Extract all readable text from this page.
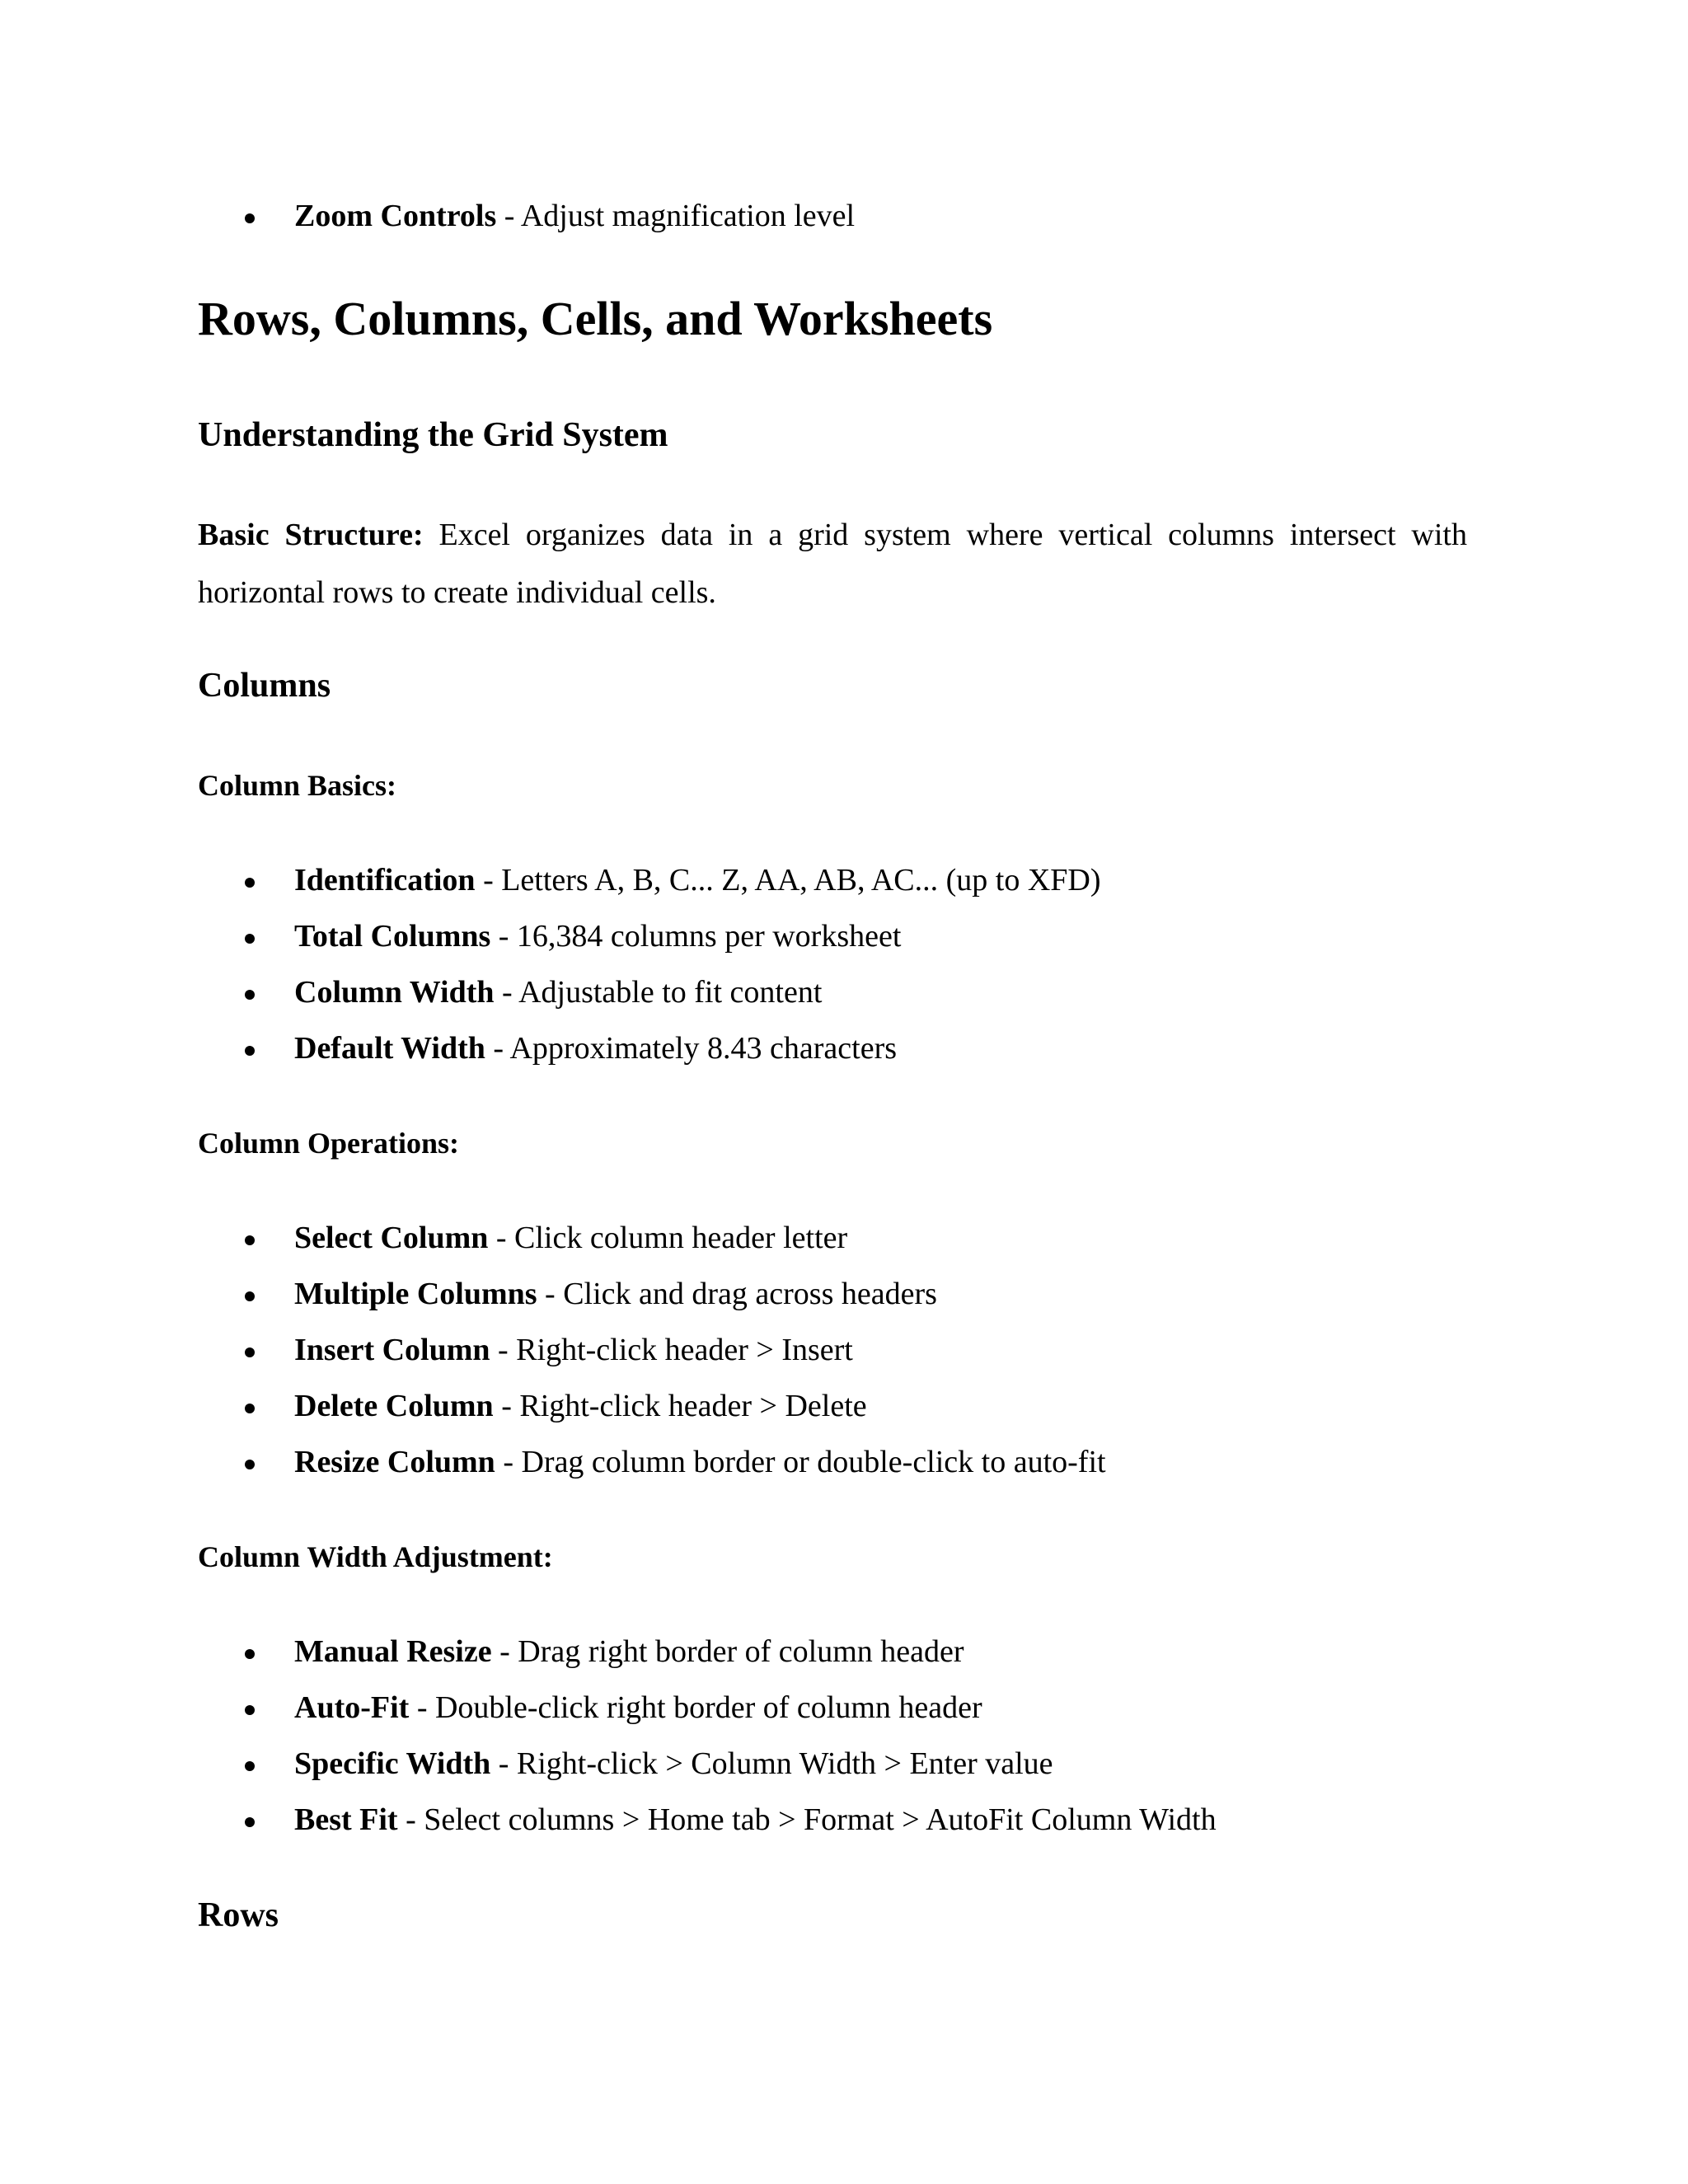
Zoom Controls - Adjust magnification level
Rows, Columns, Cells, and Worksheets
Understanding the Grid System
Basic Structure: Excel organizes data in a grid system where vertical columns intersect with
horizontal rows to create individual cells.
Columns
Column Basics:
Identification - Letters A, B, C... Z, AA, AB, AC... (up to XFD)
Total Columns - 16,384 columns per worksheet
Column Width - Adjustable to fit content
Default Width - Approximately 8.43 characters
Column Operations:
Select Column - Click column header letter
Multiple Columns - Click and drag across headers
Insert Column - Right-click header > Insert
Delete Column - Right-click header > Delete
Resize Column - Drag column border or double-click to auto-fit
Column Width Adjustment:
Manual Resize - Drag right border of column header
Auto-Fit - Double-click right border of column header
Specific Width - Right-click > Column Width > Enter value
Best Fit - Select columns > Home tab > Format > AutoFit Column Width
Rows
